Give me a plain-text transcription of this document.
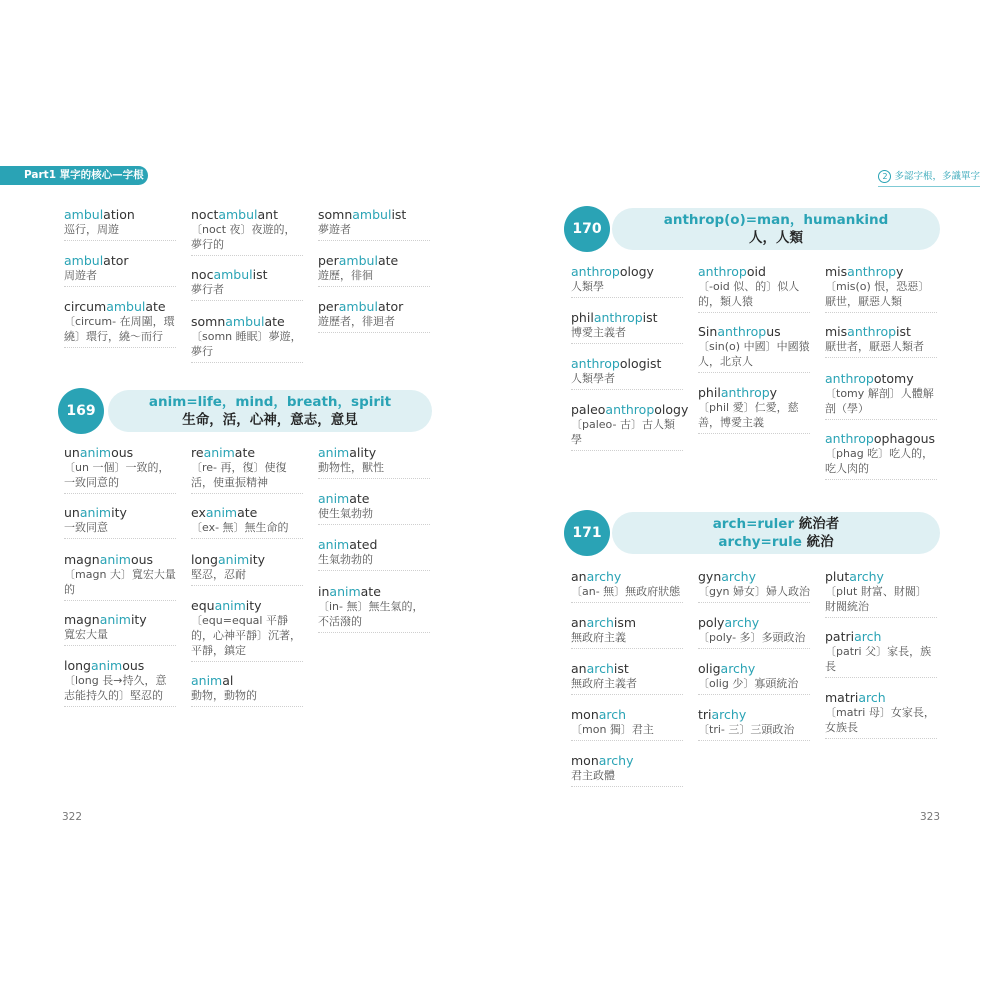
Part1 單字的核心—字根	2 多認字根，多識單字
ambulation
巡行，周遊
ambulator
周遊者
circumambulate
〔circum- 在周圍，環繞〕環行，繞～而行
noctambulant
〔noct 夜〕夜遊的，夢行的
nocambulist
夢行者
somnambulate
〔somn 睡眠〕夢遊，夢行
somnambulist
夢遊者
perambulate
遊歷，徘徊
perambulator
遊歷者，徘迴者
anim=life，mind，breath，spirit
生命，活，心神，意志，意見
169
unanimous
〔un 一個〕一致的，一致同意的
unanimity
一致同意
magnanimous
〔magn 大〕寬宏大量的
magnanimity
寬宏大量
longanimous
〔long 長→持久，意志能持久的〕堅忍的
reanimate
〔re- 再，復〕使復活，使重振精神
exanimate
〔ex- 無〕無生命的
longanimity
堅忍，忍耐
equanimity
〔equ=equal 平靜的，心神平靜〕沉著，平靜，鎮定
animal
動物，動物的
animality
動物性，獸性
animate
使生氣勃勃
animated
生氣勃勃的
inanimate
〔in- 無〕無生氣的，不活潑的
anthrop(o)=man，humankind
人，人類
170
anthropology
人類學
philanthropist
博愛主義者
anthropologist
人類學者
paleoanthropology
〔paleo- 古〕古人類學
anthropoid
〔-oid 似、的〕似人的，類人猿
Sinanthropus
〔sin(o) 中國〕中國猿人，北京人
philanthropy
〔phil 愛〕仁愛，慈善，博愛主義
misanthropy
〔mis(o) 恨，恐惡〕厭世，厭惡人類
misanthropist
厭世者，厭惡人類者
anthropotomy
〔tomy 解剖〕人體解剖（學）
anthropophagous
〔phag 吃〕吃人的，吃人肉的
arch=ruler 統治者
archy=rule 統治
171
anarchy
〔an- 無〕無政府狀態
anarchism
無政府主義
anarchist
無政府主義者
monarch
〔mon 獨〕君主
monarchy
君主政體
gynarchy
〔gyn 婦女〕婦人政治
polyarchy
〔poly- 多〕多頭政治
oligarchy
〔olig 少〕寡頭統治
triarchy
〔tri- 三〕三頭政治
plutarchy
〔plut 財富、財閥〕財閥統治
patriarch
〔patri 父〕家長，族長
matriarch
〔matri 母〕女家長，女族長
322	323
